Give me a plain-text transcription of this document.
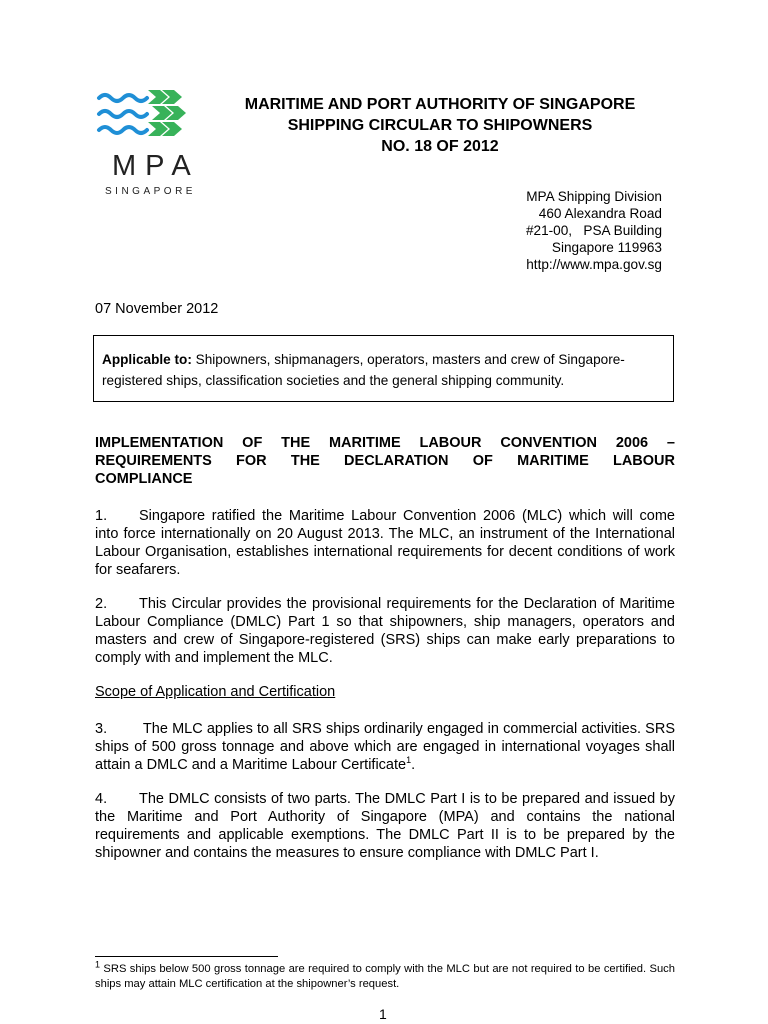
MPA
SINGAPORE
MARITIME AND PORT AUTHORITY OF SINGAPORE
SHIPPING CIRCULAR TO SHIPOWNERS
NO. 18 OF 2012
MPA Shipping Division
460 Alexandra Road
#21-00,   PSA Building
Singapore 119963
http://www.mpa.gov.sg
07 November 2012
Applicable to: Shipowners, shipmanagers, operators, masters and crew of Singapore-registered ships, classification societies and the general shipping community.
IMPLEMENTATION OF THE MARITIME LABOUR CONVENTION 2006 –
REQUIREMENTS FOR THE DECLARATION OF MARITIME LABOUR
COMPLIANCE
1. Singapore ratified the Maritime Labour Convention 2006 (MLC) which will come into force internationally on 20 August 2013. The MLC, an instrument of the International Labour Organisation, establishes international requirements for decent conditions of work for seafarers.
2. This Circular provides the provisional requirements for the Declaration of Maritime Labour Compliance (DMLC) Part 1 so that shipowners, ship managers, operators and masters and crew of Singapore-registered (SRS) ships can make early preparations to comply with and implement the MLC.
Scope of Application and Certification
3. The MLC applies to all SRS ships ordinarily engaged in commercial activities. SRS ships of 500 gross tonnage and above which are engaged in international voyages shall attain a DMLC and a Maritime Labour Certificate$^1$.
4. The DMLC consists of two parts. The DMLC Part I is to be prepared and issued by the Maritime and Port Authority of Singapore (MPA) and contains the national requirements and applicable exemptions. The DMLC Part II is to be prepared by the shipowner and contains the measures to ensure compliance with DMLC Part I.
$^1$ SRS ships below 500 gross tonnage are required to comply with the MLC but are not required to be certified. Such ships may attain MLC certification at the shipowner’s request.
1
